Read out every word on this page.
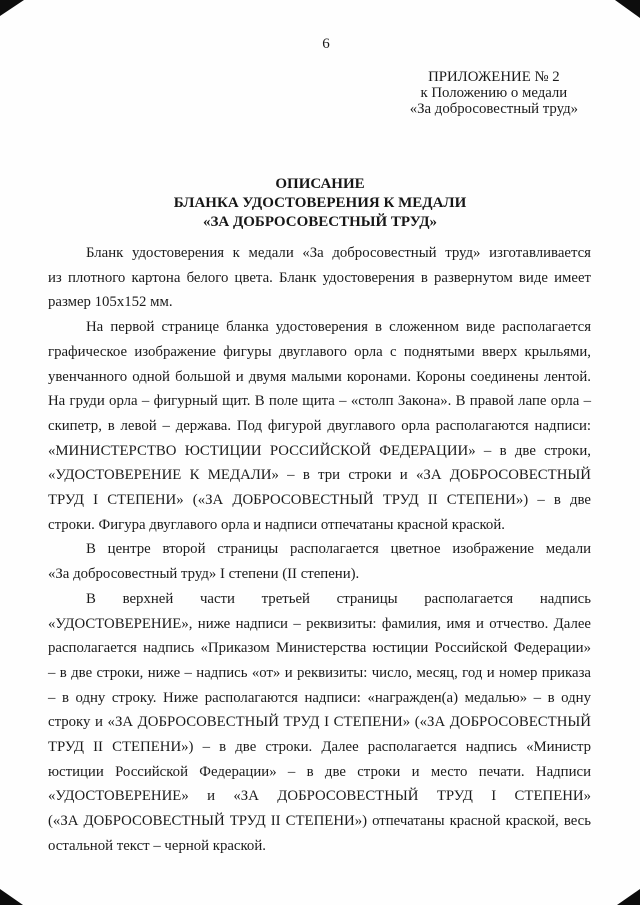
6
ПРИЛОЖЕНИЕ № 2
к Положению о медали
«За добросовестный труд»
ОПИСАНИЕ
БЛАНКА УДОСТОВЕРЕНИЯ К МЕДАЛИ
«ЗА ДОБРОСОВЕСТНЫЙ ТРУД»
Бланк удостоверения к медали «За добросовестный труд» изготавливается
из плотного картона белого цвета. Бланк удостоверения в развернутом виде имеет
размер 105x152 мм.
На первой странице бланка удостоверения в сложенном виде располагается
графическое изображение фигуры двуглавого орла с поднятыми вверх крыльями,
увенчанного одной большой и двумя малыми коронами. Короны соединены лентой.
На груди орла – фигурный щит. В поле щита – «столп Закона». В правой лапе орла –
скипетр, в левой – держава. Под фигурой двуглавого орла располагаются надписи:
«МИНИСТЕРСТВО ЮСТИЦИИ РОССИЙСКОЙ ФЕДЕРАЦИИ» – в две строки,
«УДОСТОВЕРЕНИЕ К МЕДАЛИ» – в три строки и «ЗА ДОБРОСОВЕСТНЫЙ
ТРУД I СТЕПЕНИ» («ЗА ДОБРОСОВЕСТНЫЙ ТРУД II СТЕПЕНИ») – в две
строки. Фигура двуглавого орла и надписи отпечатаны красной краской.
В центре второй страницы располагается цветное изображение медали
«За добросовестный труд» I степени (II степени).
В верхней части третьей страницы располагается надпись
«УДОСТОВЕРЕНИЕ», ниже надписи – реквизиты: фамилия, имя и отчество. Далее
располагается надпись «Приказом Министерства юстиции Российской Федерации»
– в две строки, ниже – надпись «от» и реквизиты: число, месяц, год и номер приказа
– в одну строку. Ниже располагаются надписи: «награжден(а) медалью» – в одну
строку и «ЗА ДОБРОСОВЕСТНЫЙ ТРУД I СТЕПЕНИ» («ЗА ДОБРОСОВЕСТНЫЙ
ТРУД II СТЕПЕНИ») – в две строки. Далее располагается надпись «Министр
юстиции Российской Федерации» – в две строки и место печати. Надписи
«УДОСТОВЕРЕНИЕ» и «ЗА ДОБРОСОВЕСТНЫЙ ТРУД I СТЕПЕНИ»
(«ЗА ДОБРОСОВЕСТНЫЙ ТРУД II СТЕПЕНИ») отпечатаны красной краской, весь
остальной текст – черной краской.
